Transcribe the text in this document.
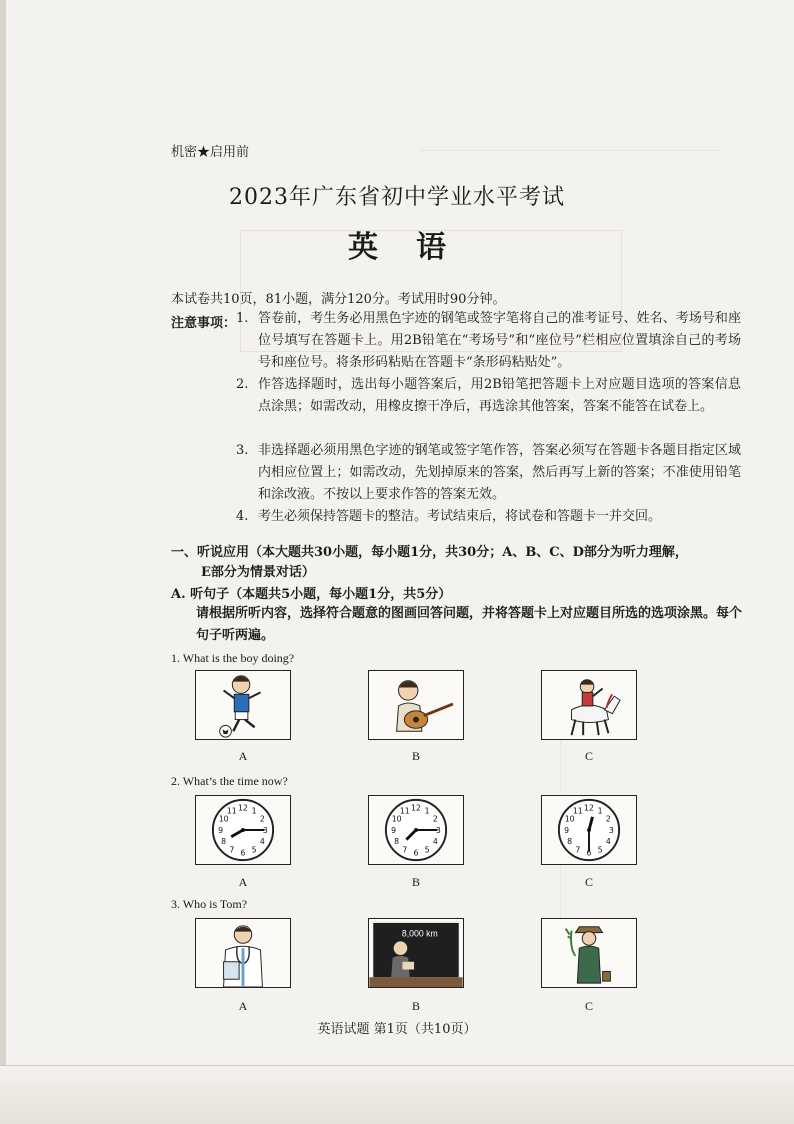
机密★启用前
2023年广东省初中学业水平考试
英语
本试卷共10页，81小题，满分120分。考试用时90分钟。
注意事项： 1. 答卷前，考生务必用黑色字迹的钢笔或签字笔将自己的准考证号、姓名、考场号和座位号填写在答题卡上。用2B铅笔在“考场号”和“座位号”栏相应位置填涂自己的考场号和座位号。将条形码粘贴在答题卡“条形码粘贴处”。
2. 作答选择题时，选出每小题答案后，用2B铅笔把答题卡上对应题目选项的答案信息点涂黑；如需改动，用橡皮擦干净后，再选涂其他答案，答案不能答在试卷上。
3. 非选择题必须用黑色字迹的钢笔或签字笔作答，答案必须写在答题卡各题目指定区域内相应位置上；如需改动，先划掉原来的答案，然后再写上新的答案；不准使用铅笔和涂改液。不按以上要求作答的答案无效。
4. 考生必须保持答题卡的整洁。考试结束后，将试卷和答题卡一并交回。
一、听说应用（本大题共30小题，每小题1分，共30分；A、B、C、D部分为听力理解，
E部分为情景对话）
A. 听句子（本题共5小题，每小题1分，共5分）
请根据所听内容，选择符合题意的图画回答问题，并将答题卡上对应题目所选的选项涂黑。每个句子听两遍。
1. What is the boy doing?
A	B	C
2. What’s the time now?
12 1
2
3
4
5
6
7
8
9
10
11	12 1
2
3
4
5
6
7
8
9
10
11	12 1
2
3
4
5
6
7
8
9
10
11
A	B	C
3. Who is Tom?
8,000 km
A	B	C
英语试题 第1页（共10页）
